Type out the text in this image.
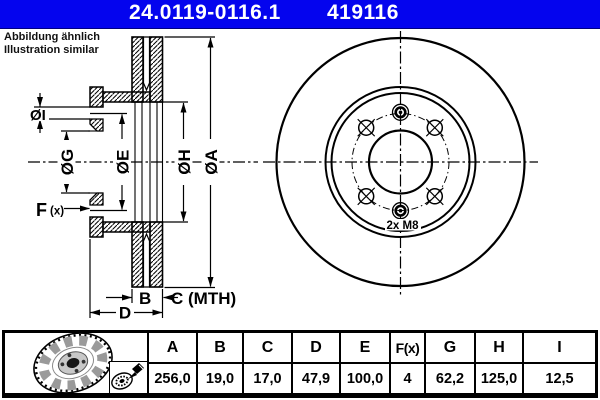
ØA
ØH
ØE
ØG
ØI
F (x)
B C (MTH)
D
2x M8
24.0119-0116.1 419116
Abbildung ähnlich
Illustration similar
A	B	C	D	E	F(x)	G	H	I
256,0	19,0	17,0	47,9	100,0	4	62,2	125,0	12,5
